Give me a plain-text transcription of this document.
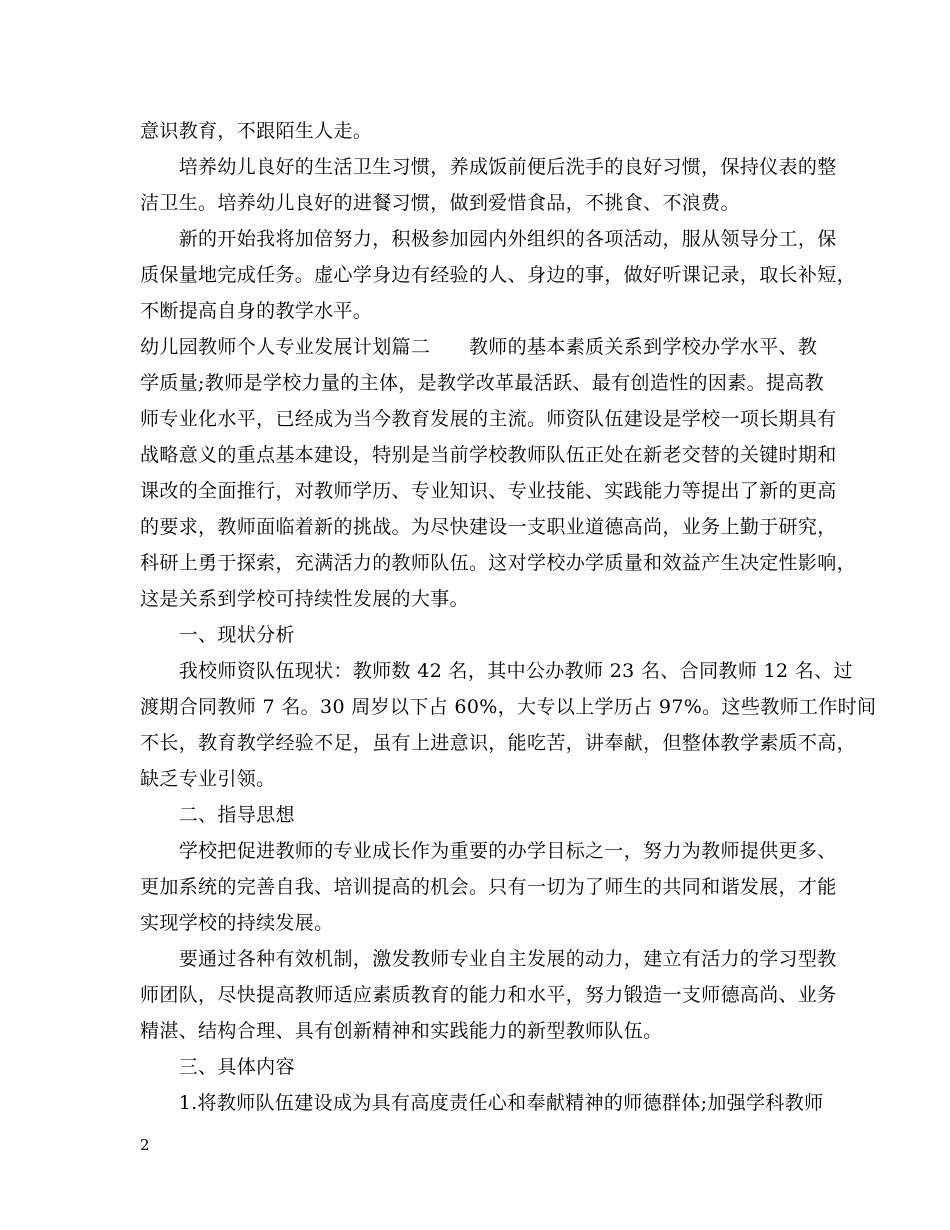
意识教育，不跟陌生人走。
　　培养幼儿良好的生活卫生习惯，养成饭前便后洗手的良好习惯，保持仪表的整
洁卫生。培养幼儿良好的进餐习惯，做到爱惜食品，不挑食、不浪费。
　　新的开始我将加倍努力，积极参加园内外组织的各项活动，服从领导分工，保
质保量地完成任务。虚心学身边有经验的人、身边的事，做好听课记录，取长补短，
不断提高自身的教学水平。
幼儿园教师个人专业发展计划篇二　　教师的基本素质关系到学校办学水平、教
学质量;教师是学校力量的主体，是教学改革最活跃、最有创造性的因素。提高教
师专业化水平，已经成为当今教育发展的主流。师资队伍建设是学校一项长期具有
战略意义的重点基本建设，特别是当前学校教师队伍正处在新老交替的关键时期和
课改的全面推行，对教师学历、专业知识、专业技能、实践能力等提出了新的更高
的要求，教师面临着新的挑战。为尽快建设一支职业道德高尚，业务上勤于研究，
科研上勇于探索，充满活力的教师队伍。这对学校办学质量和效益产生决定性影响，
这是关系到学校可持续性发展的大事。
　　一、现状分析
　　我校师资队伍现状：教师数 42 名，其中公办教师 23 名、合同教师 12 名、过
渡期合同教师 7 名。30 周岁以下占 60%，大专以上学历占 97%。这些教师工作时间
不长，教育教学经验不足，虽有上进意识，能吃苦，讲奉献，但整体教学素质不高，
缺乏专业引领。
　　二、指导思想
　　学校把促进教师的专业成长作为重要的办学目标之一，努力为教师提供更多、
更加系统的完善自我、培训提高的机会。只有一切为了师生的共同和谐发展，才能
实现学校的持续发展。
　　要通过各种有效机制，激发教师专业自主发展的动力，建立有活力的学习型教
师团队，尽快提高教师适应素质教育的能力和水平，努力锻造一支师德高尚、业务
精湛、结构合理、具有创新精神和实践能力的新型教师队伍。
　　三、具体内容
　　1.将教师队伍建设成为具有高度责任心和奉献精神的师德群体;加强学科教师
2
